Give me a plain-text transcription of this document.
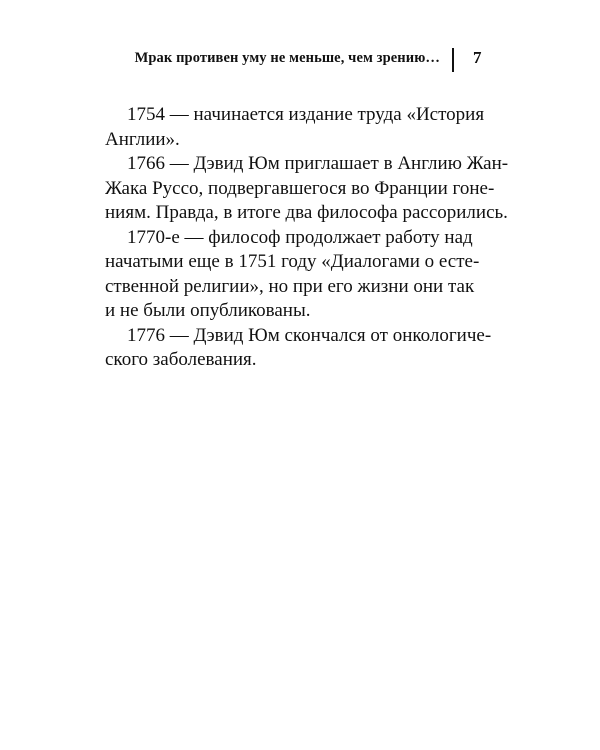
Мрак противен уму не меньше, чем зрению… 7
1754 — начинается издание труда «История
Англии».
1766 — Дэвид Юм приглашает в Англию Жан-
Жака Руссо, подвергавшегося во Франции гоне-
ниям. Правда, в итоге два философа рассорились.
1770-е — философ продолжает работу над
начатыми еще в 1751 году «Диалогами о есте-
ственной религии», но при его жизни они так
и не были опубликованы.
1776 — Дэвид Юм скончался от онкологиче-
ского заболевания.
